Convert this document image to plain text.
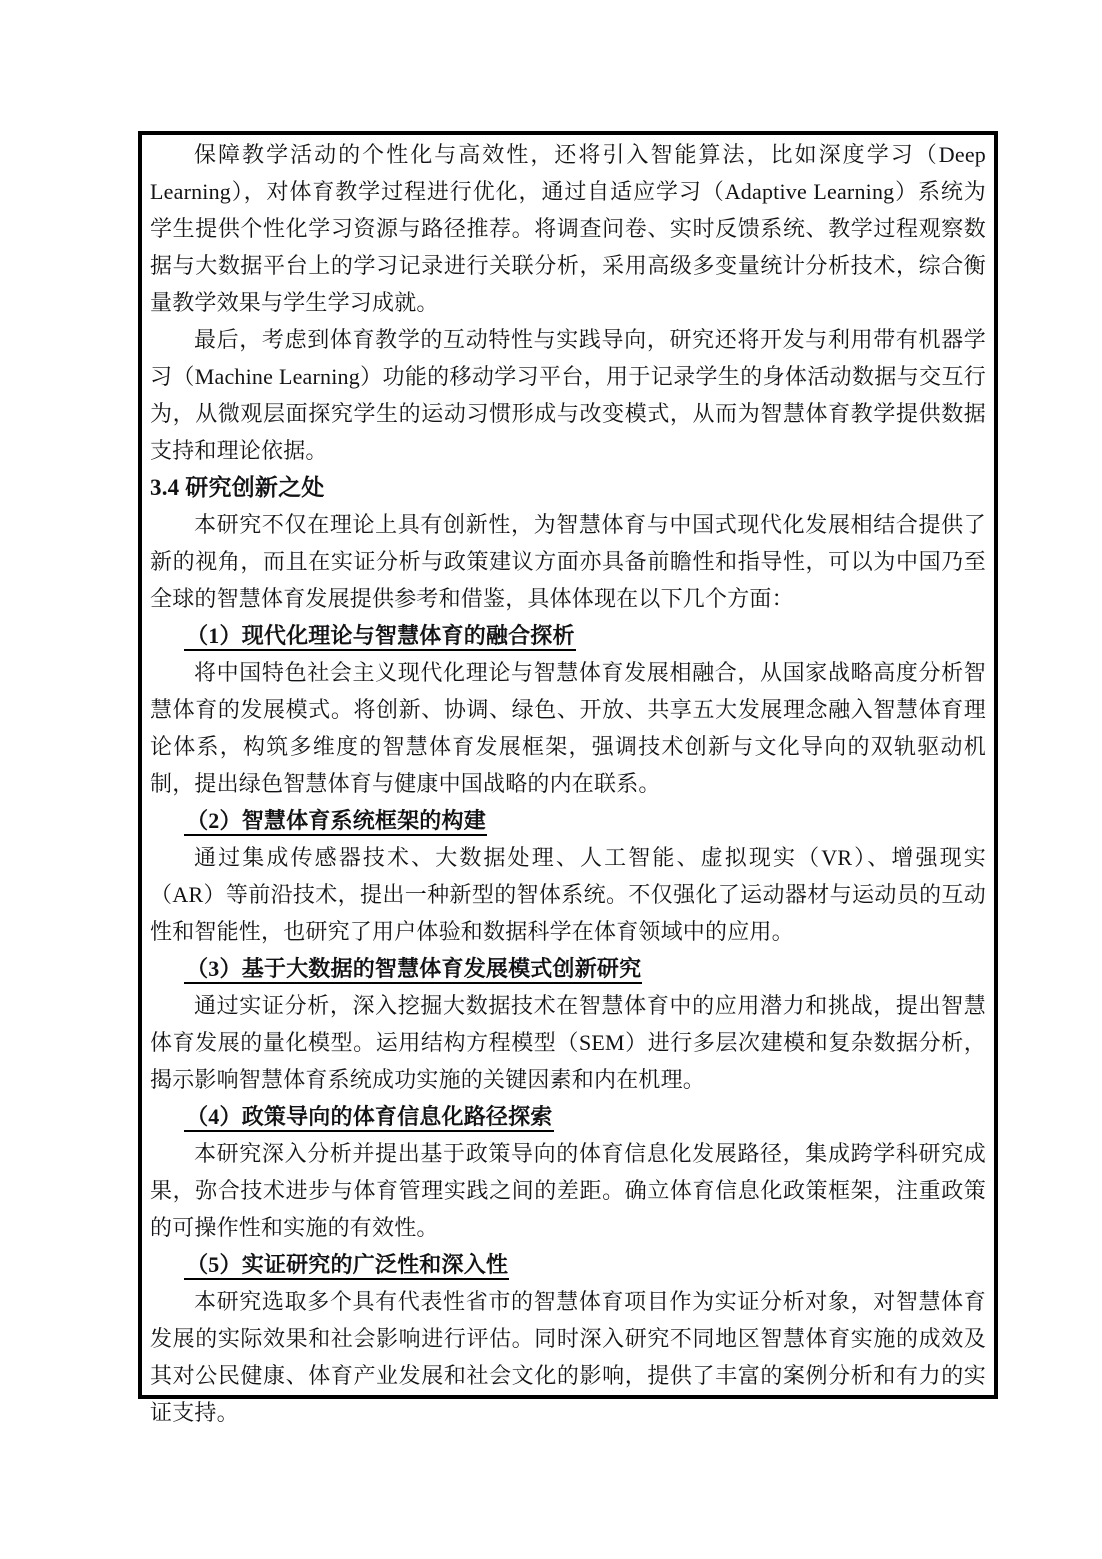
保障教学活动的个性化与高效性，还将引入智能算法，比如深度学习（Deep Learning），对体育教学过程进行优化，通过自适应学习（Adaptive Learning）系统为学生提供个性化学习资源与路径推荐。将调查问卷、实时反馈系统、教学过程观察数据与大数据平台上的学习记录进行关联分析，采用高级多变量统计分析技术，综合衡量教学效果与学生学习成就。

最后，考虑到体育教学的互动特性与实践导向，研究还将开发与利用带有机器学习（Machine Learning）功能的移动学习平台，用于记录学生的身体活动数据与交互行为，从微观层面探究学生的运动习惯形成与改变模式，从而为智慧体育教学提供数据支持和理论依据。

3.4 研究创新之处

本研究不仅在理论上具有创新性，为智慧体育与中国式现代化发展相结合提供了新的视角，而且在实证分析与政策建议方面亦具备前瞻性和指导性，可以为中国乃至全球的智慧体育发展提供参考和借鉴，具体体现在以下几个方面：

（1）现代化理论与智慧体育的融合探析

将中国特色社会主义现代化理论与智慧体育发展相融合，从国家战略高度分析智慧体育的发展模式。将创新、协调、绿色、开放、共享五大发展理念融入智慧体育理论体系，构筑多维度的智慧体育发展框架，强调技术创新与文化导向的双轨驱动机制，提出绿色智慧体育与健康中国战略的内在联系。

（2）智慧体育系统框架的构建

通过集成传感器技术、大数据处理、人工智能、虚拟现实（VR）、增强现实（AR）等前沿技术，提出一种新型的智体系统。不仅强化了运动器材与运动员的互动性和智能性，也研究了用户体验和数据科学在体育领域中的应用。

（3）基于大数据的智慧体育发展模式创新研究

通过实证分析，深入挖掘大数据技术在智慧体育中的应用潜力和挑战，提出智慧体育发展的量化模型。运用结构方程模型（SEM）进行多层次建模和复杂数据分析，揭示影响智慧体育系统成功实施的关键因素和内在机理。

（4）政策导向的体育信息化路径探索

本研究深入分析并提出基于政策导向的体育信息化发展路径，集成跨学科研究成果，弥合技术进步与体育管理实践之间的差距。确立体育信息化政策框架，注重政策的可操作性和实施的有效性。

（5）实证研究的广泛性和深入性

本研究选取多个具有代表性省市的智慧体育项目作为实证分析对象，对智慧体育发展的实际效果和社会影响进行评估。同时深入研究不同地区智慧体育实施的成效及其对公民健康、体育产业发展和社会文化的影响，提供了丰富的案例分析和有力的实证支持。
